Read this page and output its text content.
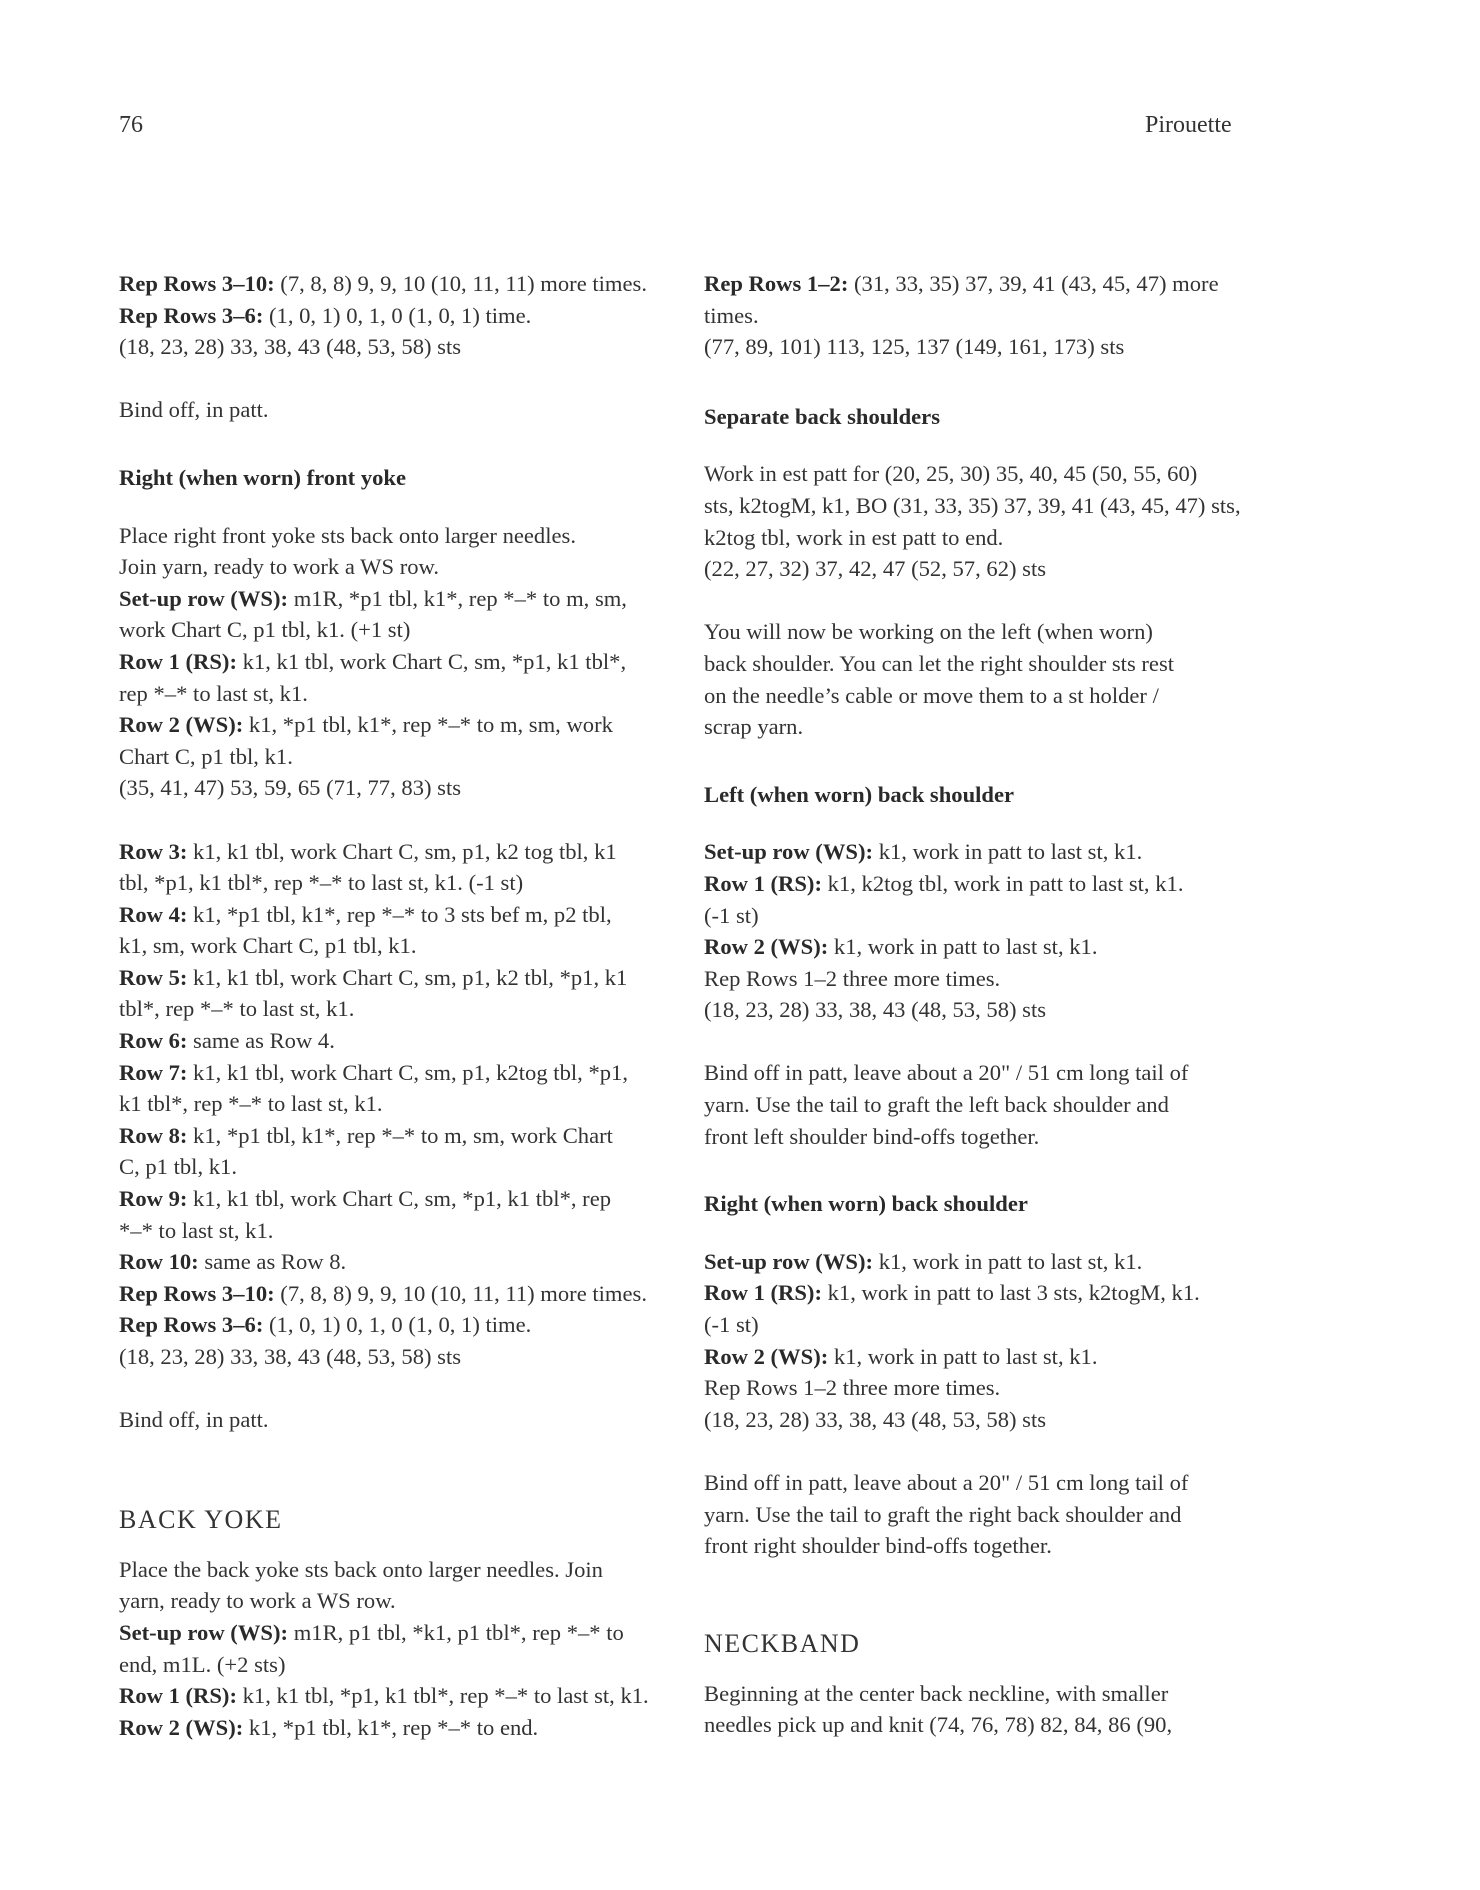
76	Pirouette
Rep Rows 3–10: (7, 8, 8) 9, 9, 10 (10, 11, 11) more times.
Rep Rows 3–6: (1, 0, 1) 0, 1, 0 (1, 0, 1) time.
(18, 23, 28) 33, 38, 43 (48, 53, 58) sts
Bind off, in patt.
Right (when worn) front yoke
Place right front yoke sts back onto larger needles.
Join yarn, ready to work a WS row.
Set-up row (WS): m1R, *p1 tbl, k1*, rep *–* to m, sm,
work Chart C, p1 tbl, k1. (+1 st)
Row 1 (RS): k1, k1 tbl, work Chart C, sm, *p1, k1 tbl*,
rep *–* to last st, k1.
Row 2 (WS): k1, *p1 tbl, k1*, rep *–* to m, sm, work
Chart C, p1 tbl, k1.
(35, 41, 47) 53, 59, 65 (71, 77, 83) sts
Row 3: k1, k1 tbl, work Chart C, sm, p1, k2 tog tbl, k1
tbl, *p1, k1 tbl*, rep *–* to last st, k1. (-1 st)
Row 4: k1, *p1 tbl, k1*, rep *–* to 3 sts bef m, p2 tbl,
k1, sm, work Chart C, p1 tbl, k1.
Row 5: k1, k1 tbl, work Chart C, sm, p1, k2 tbl, *p1, k1
tbl*, rep *–* to last st, k1.
Row 6: same as Row 4.
Row 7: k1, k1 tbl, work Chart C, sm, p1, k2tog tbl, *p1,
k1 tbl*, rep *–* to last st, k1.
Row 8: k1, *p1 tbl, k1*, rep *–* to m, sm, work Chart
C, p1 tbl, k1.
Row 9: k1, k1 tbl, work Chart C, sm, *p1, k1 tbl*, rep
*–* to last st, k1.
Row 10: same as Row 8.
Rep Rows 3–10: (7, 8, 8) 9, 9, 10 (10, 11, 11) more times.
Rep Rows 3–6: (1, 0, 1) 0, 1, 0 (1, 0, 1) time.
(18, 23, 28) 33, 38, 43 (48, 53, 58) sts
Bind off, in patt.
BACK YOKE
Place the back yoke sts back onto larger needles. Join
yarn, ready to work a WS row.
Set-up row (WS): m1R, p1 tbl, *k1, p1 tbl*, rep *–* to
end, m1L. (+2 sts)
Row 1 (RS): k1, k1 tbl, *p1, k1 tbl*, rep *–* to last st, k1.
Row 2 (WS): k1, *p1 tbl, k1*, rep *–* to end.
Rep Rows 1–2: (31, 33, 35) 37, 39, 41 (43, 45, 47) more
times.
(77, 89, 101) 113, 125, 137 (149, 161, 173) sts
Separate back shoulders
Work in est patt for (20, 25, 30) 35, 40, 45 (50, 55, 60)
sts, k2togM, k1, BO (31, 33, 35) 37, 39, 41 (43, 45, 47) sts,
k2tog tbl, work in est patt to end.
(22, 27, 32) 37, 42, 47 (52, 57, 62) sts
You will now be working on the left (when worn)
back shoulder. You can let the right shoulder sts rest
on the needle’s cable or move them to a st holder /
scrap yarn.
Left (when worn) back shoulder
Set-up row (WS): k1, work in patt to last st, k1.
Row 1 (RS): k1, k2tog tbl, work in patt to last st, k1.
(-1 st)
Row 2 (WS): k1, work in patt to last st, k1.
Rep Rows 1–2 three more times.
(18, 23, 28) 33, 38, 43 (48, 53, 58) sts
Bind off in patt, leave about a 20" / 51 cm long tail of
yarn. Use the tail to graft the left back shoulder and
front left shoulder bind-offs together.
Right (when worn) back shoulder
Set-up row (WS): k1, work in patt to last st, k1.
Row 1 (RS): k1, work in patt to last 3 sts, k2togM, k1.
(-1 st)
Row 2 (WS): k1, work in patt to last st, k1.
Rep Rows 1–2 three more times.
(18, 23, 28) 33, 38, 43 (48, 53, 58) sts
Bind off in patt, leave about a 20" / 51 cm long tail of
yarn. Use the tail to graft the right back shoulder and
front right shoulder bind-offs together.
NECKBAND
Beginning at the center back neckline, with smaller
needles pick up and knit (74, 76, 78) 82, 84, 86 (90,
